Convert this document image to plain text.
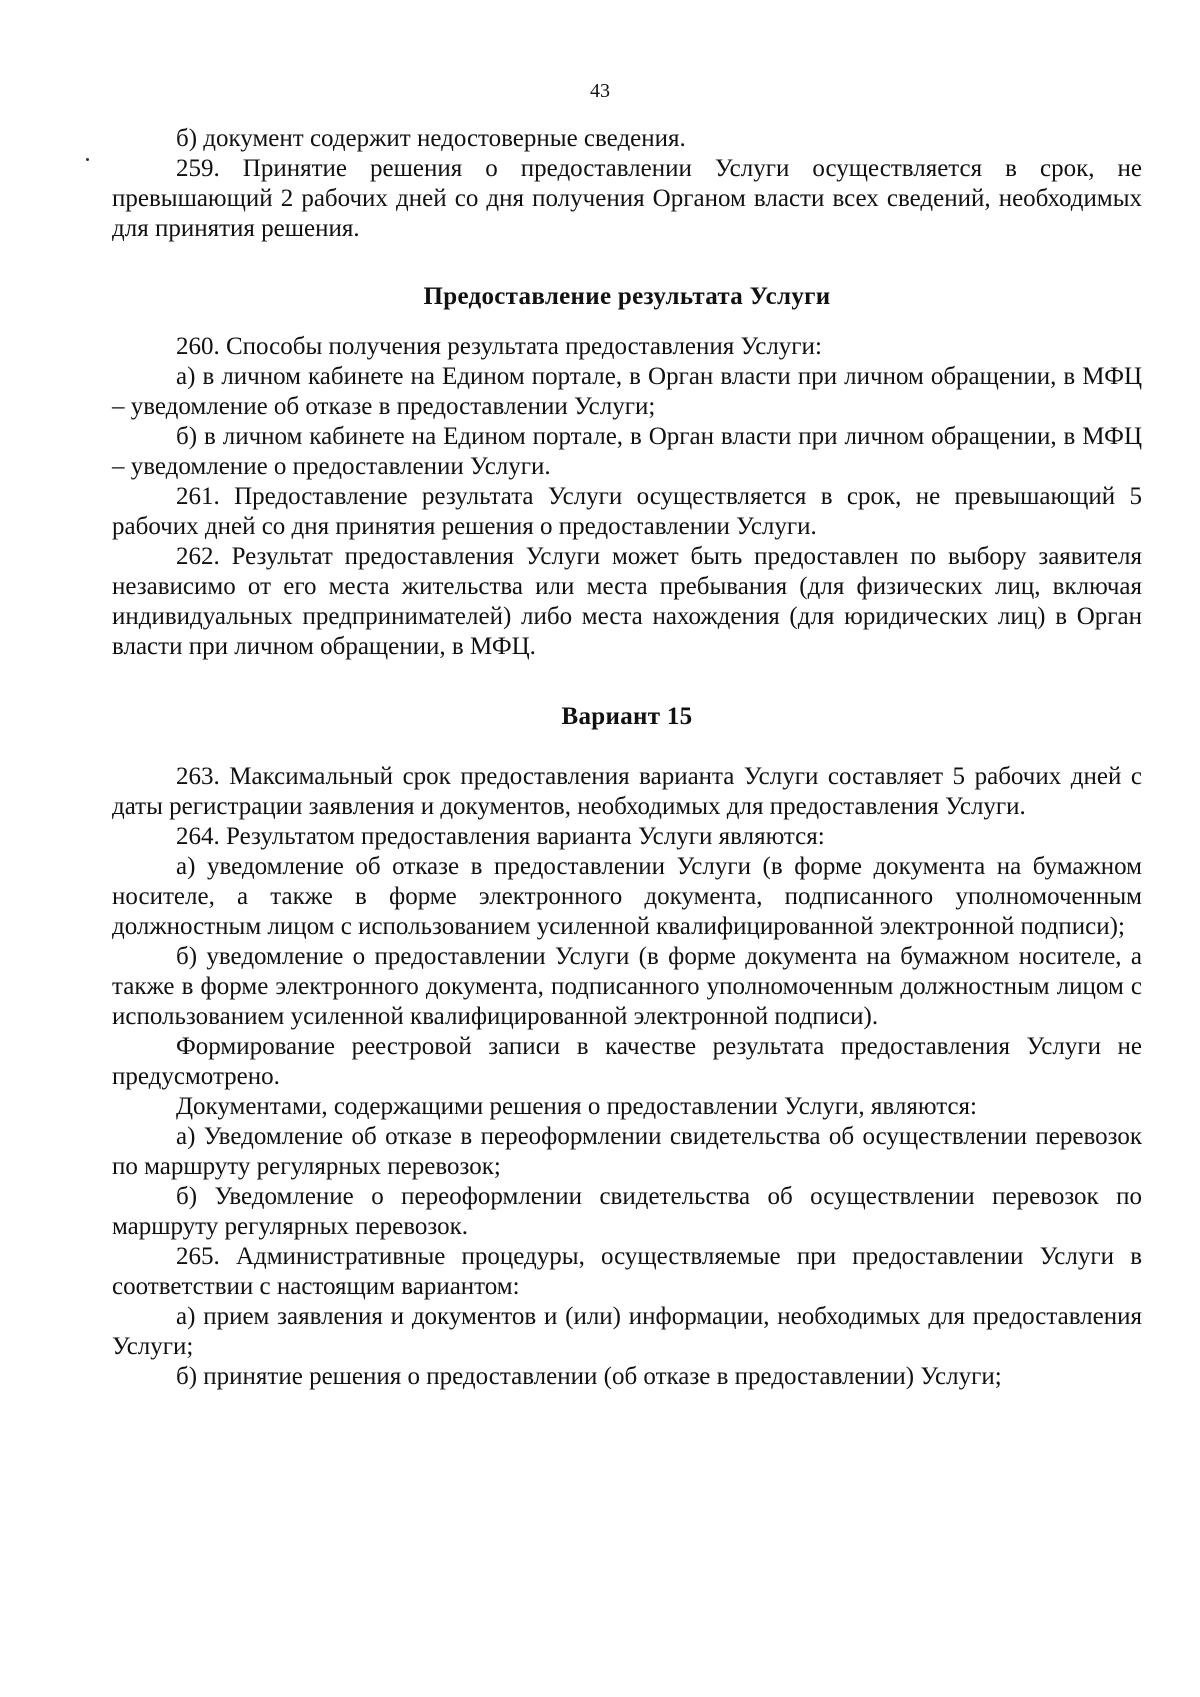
43

б) документ содержит недостоверные сведения.

259. Принятие решения о предоставлении Услуги осуществляется в срок, не превышающий 2 рабочих дней со дня получения Органом власти всех сведений, необходимых для принятия решения.

Предоставление результата Услуги

260. Способы получения результата предоставления Услуги:

а) в личном кабинете на Едином портале, в Орган власти при личном обращении, в МФЦ – уведомление об отказе в предоставлении Услуги;

б) в личном кабинете на Едином портале, в Орган власти при личном обращении, в МФЦ – уведомление о предоставлении Услуги.

261. Предоставление результата Услуги осуществляется в срок, не превышающий 5 рабочих дней со дня принятия решения о предоставлении Услуги.

262. Результат предоставления Услуги может быть предоставлен по выбору заявителя независимо от его места жительства или места пребывания (для физических лиц, включая индивидуальных предпринимателей) либо места нахождения (для юридических лиц) в Орган власти при личном обращении, в МФЦ.

Вариант 15

263. Максимальный срок предоставления варианта Услуги составляет 5 рабочих дней с даты регистрации заявления и документов, необходимых для предоставления Услуги.

264. Результатом предоставления варианта Услуги являются:

а) уведомление об отказе в предоставлении Услуги (в форме документа на бумажном носителе, а также в форме электронного документа, подписанного уполномоченным должностным лицом с использованием усиленной квалифицированной электронной подписи);

б) уведомление о предоставлении Услуги (в форме документа на бумажном носителе, а также в форме электронного документа, подписанного уполномоченным должностным лицом с использованием усиленной квалифицированной электронной подписи).

Формирование реестровой записи в качестве результата предоставления Услуги не предусмотрено.

Документами, содержащими решения о предоставлении Услуги, являются:

а) Уведомление об отказе в переоформлении свидетельства об осуществлении перевозок по маршруту регулярных перевозок;

б) Уведомление о переоформлении свидетельства об осуществлении перевозок по маршруту регулярных перевозок.

265. Административные процедуры, осуществляемые при предоставлении Услуги в соответствии с настоящим вариантом:

а) прием заявления и документов и (или) информации, необходимых для предоставления Услуги;

б) принятие решения о предоставлении (об отказе в предоставлении) Услуги;
